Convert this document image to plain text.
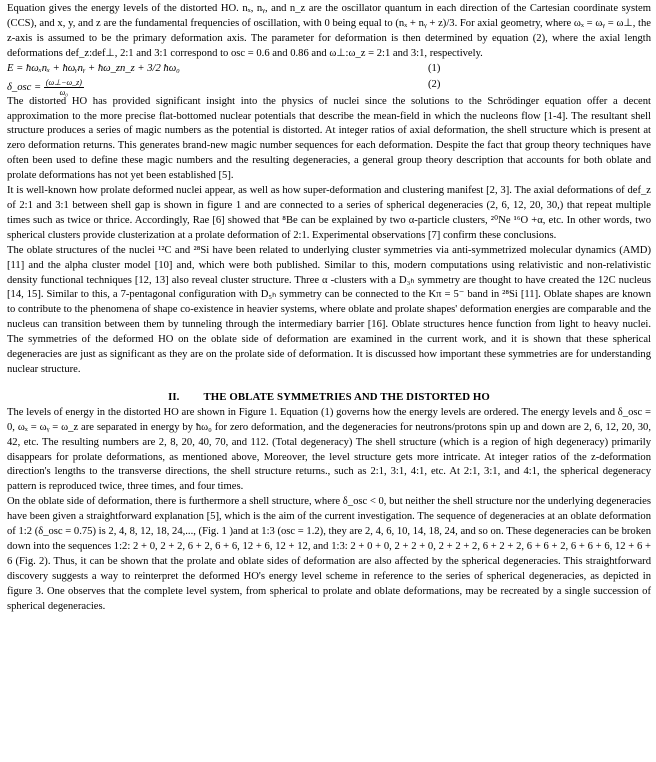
Equation gives the energy levels of the distorted HO. nₓ, nᵧ, and n_z are the oscillator quantum in each direction of the Cartesian coordinate system (CCS), and x, y, and z are the fundamental frequencies of oscillation, with 0 being equal to (nₓ + nᵧ + z)/3. For axial geometry, where ωₓ = ωᵧ = ω⊥, the z-axis is assumed to be the primary deformation axis. The parameter for deformation is then determined by equation (2), where the axial length deformations def_z:def⊥, 2:1 and 3:1 correspond to osc = 0.6 and 0.86 and ω⊥:ω_z = 2:1 and 3:1, respectively.

E = ħωₓnₓ + ħωᵧnᵧ + ħω_zn_z + 3/2 ħω₀	(1)
δ_osc = $\frac{(\omega\perp-\omega\_z)}{\text{ω₀}}$	(2)

The distorted HO has provided significant insight into the physics of nuclei since the solutions to the Schrödinger equation offer a decent approximation to the more precise flat-bottomed nuclear potentials that describe the mean-field in which the nucleons flow [1-4]. The resultant shell structure produces a series of magic numbers as the potential is distorted. At integer ratios of axial deformation, the shell structure which is present at zero deformation returns. This generates brand-new magic number sequences for each deformation. Despite the fact that group theory techniques have often been used to define these magic numbers and the resulting degeneracies, a general group theory description that accounts for both oblate and prolate deformations has not yet been established [5].

It is well-known how prolate deformed nuclei appear, as well as how super-deformation and clustering manifest [2, 3]. The axial deformations of def_z of 2:1 and 3:1 between shell gap is shown in figure 1 and are connected to a series of spherical degeneracies (2, 6, 12, 20, 30,) that repeat multiple times such as twice or thrice. Accordingly, Rae [6] showed that ⁸Be can be explained by two α-particle clusters, ²⁰Ne ¹⁶O +α, etc. In other words, two spherical clusters provide clusterization at a prolate deformation of 2:1. Experimental observations [7] confirm these conclusions.

The oblate structures of the nuclei ¹²C and ²⁸Si have been related to underlying cluster symmetries via anti-symmetrized molecular dynamics (AMD) [11] and the alpha cluster model [10] and, which were both published. Similar to this, modern computations using relativistic and non-relativistic density functional techniques [12, 13] also reveal cluster structure. Three α -clusters with a D₃ₕ symmetry are thought to have created the 12C nucleus [14, 15]. Similar to this, a 7-pentagonal configuration with D₅ₕ symmetry can be connected to the Kπ = 5⁻ band in ²⁸Si [11]. Oblate shapes are known to contribute to the phenomena of shape co-existence in heavier systems, where oblate and prolate shapes' deformation energies are comparable and the nucleus can transition between them by tunneling through the intermediary barrier [16]. Oblate structures hence function from light to heavy nuclei. The symmetries of the deformed HO on the oblate side of deformation are examined in the current work, and it is shown that these spherical degeneracies are just as significant as they are on the prolate side of deformation. It is discussed how important these symmetries are for understanding nuclear structure.

II. THE OBLATE SYMMETRIES AND THE DISTORTED HO

The levels of energy in the distorted HO are shown in Figure 1. Equation (1) governs how the energy levels are ordered. The energy levels and δ_osc = 0, ωₓ = ωᵧ = ω_z are separated in energy by ħω₀ for zero deformation, and the degeneracies for neutrons/protons spin up and down are 2, 6, 12, 20, 30, 42, etc. The resulting numbers are 2, 8, 20, 40, 70, and 112. (Total degeneracy) The shell structure (which is a region of high degeneracy) primarily disappears for prolate deformations, as mentioned above, Moreover, the level structure gets more intricate. At integer ratios of the z-deformation direction's lengths to the transverse directions, the shell structure returns., such as 2:1, 3:1, 4:1, etc. At 2:1, 3:1, and 4:1, the spherical degeneracy pattern is reproduced twice, three times, and four times.

On the oblate side of deformation, there is furthermore a shell structure, where δ_osc < 0, but neither the shell structure nor the underlying degeneracies have been given a straightforward explanation [5], which is the aim of the current investigation. The sequence of degeneracies at an oblate deformation of 1:2 (δ_osc = 0.75) is 2, 4, 8, 12, 18, 24,..., (Fig. 1 )and at 1:3 (osc = 1.2), they are 2, 4, 6, 10, 14, 18, 24, and so on. These degeneracies can be broken down into the sequences 1:2: 2 + 0, 2 + 2, 6 + 2, 6 + 6, 12 + 6, 12 + 12, and 1:3: 2 + 0 + 0, 2 + 2 + 0, 2 + 2 + 2, 6 + 2 + 2, 6 + 6 + 2, 6 + 6 + 6, 12 + 6 + 6 (Fig. 2). Thus, it can be shown that the prolate and oblate sides of deformation are also affected by the spherical degeneracies. This straightforward discovery suggests a way to reinterpret the deformed HO's energy level scheme in reference to the series of spherical degeneracies, as depicted in figure 3. One observes that the complete level system, from spherical to prolate and oblate deformations, may be recreated by a single succession of spherical degeneracies.
